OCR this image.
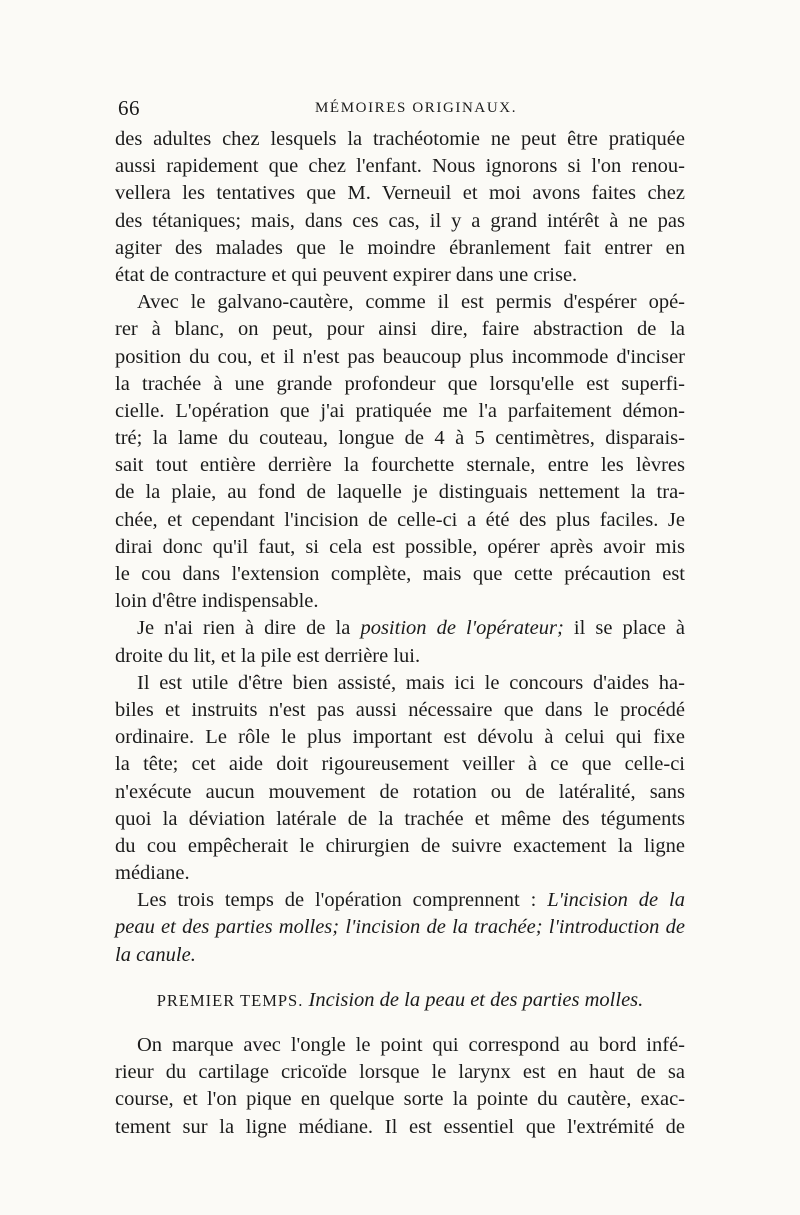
66	MÉMOIRES ORIGINAUX.
des adultes chez lesquels la trachéotomie ne peut être pratiquée
aussi rapidement que chez l'enfant. Nous ignorons si l'on renou-
vellera les tentatives que M. Verneuil et moi avons faites chez
des tétaniques; mais, dans ces cas, il y a grand intérêt à ne pas
agiter des malades que le moindre ébranlement fait entrer en
état de contracture et qui peuvent expirer dans une crise.
Avec le galvano-cautère, comme il est permis d'espérer opé-
rer à blanc, on peut, pour ainsi dire, faire abstraction de la
position du cou, et il n'est pas beaucoup plus incommode d'inciser
la trachée à une grande profondeur que lorsqu'elle est superfi-
cielle. L'opération que j'ai pratiquée me l'a parfaitement démon-
tré; la lame du couteau, longue de 4 à 5 centimètres, disparais-
sait tout entière derrière la fourchette sternale, entre les lèvres
de la plaie, au fond de laquelle je distinguais nettement la tra-
chée, et cependant l'incision de celle-ci a été des plus faciles. Je
dirai donc qu'il faut, si cela est possible, opérer après avoir mis
le cou dans l'extension complète, mais que cette précaution est
loin d'être indispensable.
Je n'ai rien à dire de la position de l'opérateur; il se place à
droite du lit, et la pile est derrière lui.
Il est utile d'être bien assisté, mais ici le concours d'aides ha-
biles et instruits n'est pas aussi nécessaire que dans le procédé
ordinaire. Le rôle le plus important est dévolu à celui qui fixe
la tête; cet aide doit rigoureusement veiller à ce que celle-ci
n'exécute aucun mouvement de rotation ou de latéralité, sans
quoi la déviation latérale de la trachée et même des téguments
du cou empêcherait le chirurgien de suivre exactement la ligne
médiane.
Les trois temps de l'opération comprennent : L'incision de la
peau et des parties molles; l'incision de la trachée; l'introduction de
la canule.
PREMIER TEMPS. Incision de la peau et des parties molles.
On marque avec l'ongle le point qui correspond au bord infé-
rieur du cartilage cricoïde lorsque le larynx est en haut de sa
course, et l'on pique en quelque sorte la pointe du cautère, exac-
tement sur la ligne médiane. Il est essentiel que l'extrémité de
